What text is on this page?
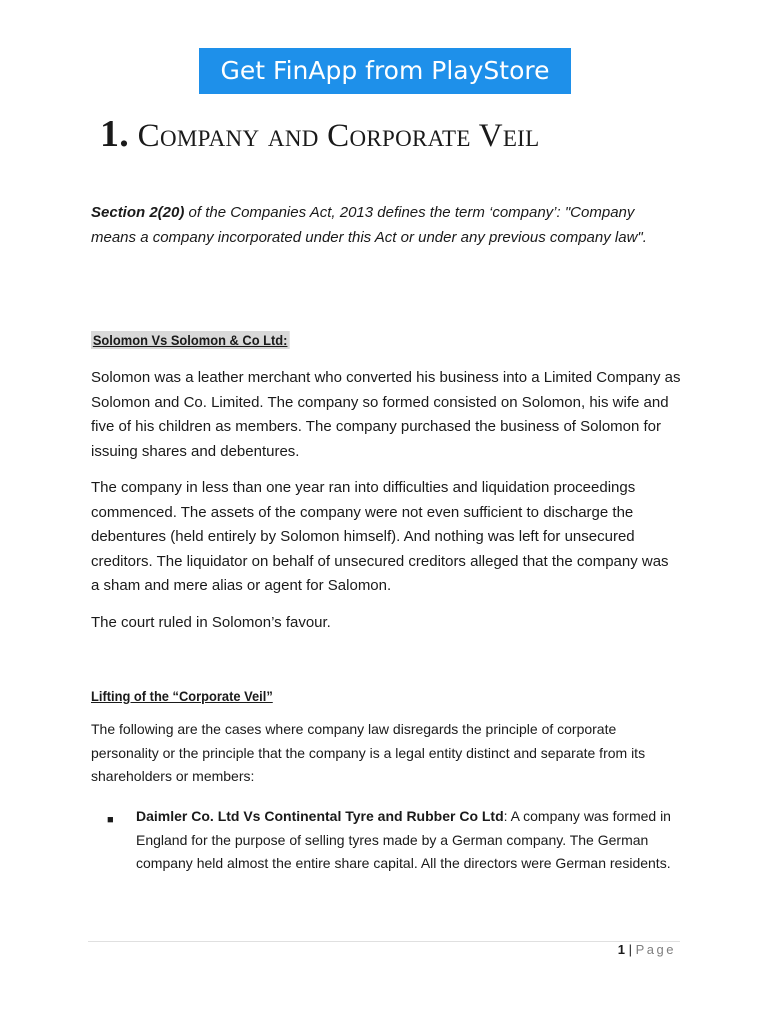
Get FinApp from PlayStore
1. Company and Corporate Veil

Section 2(20) of the Companies Act, 2013 defines the term ‘company’: "Company means a company incorporated under this Act or under any previous company law".

Solomon Vs Solomon & Co Ltd:

Solomon was a leather merchant who converted his business into a Limited Company as Solomon and Co. Limited. The company so formed consisted on Solomon, his wife and five of his children as members. The company purchased the business of Solomon for issuing shares and debentures.

The company in less than one year ran into difficulties and liquidation proceedings commenced. The assets of the company were not even sufficient to discharge the debentures (held entirely by Solomon himself). And nothing was left for unsecured creditors. The liquidator on behalf of unsecured creditors alleged that the company was a sham and mere alias or agent for Salomon.

The court ruled in Solomon’s favour.

Lifting of the “Corporate Veil”

The following are the cases where company law disregards the principle of corporate personality or the principle that the company is a legal entity distinct and separate from its shareholders or members:

■ Daimler Co. Ltd Vs Continental Tyre and Rubber Co Ltd: A company was formed in England for the purpose of selling tyres made by a German company. The German company held almost the entire share capital. All the directors were German residents.

1 | Page
